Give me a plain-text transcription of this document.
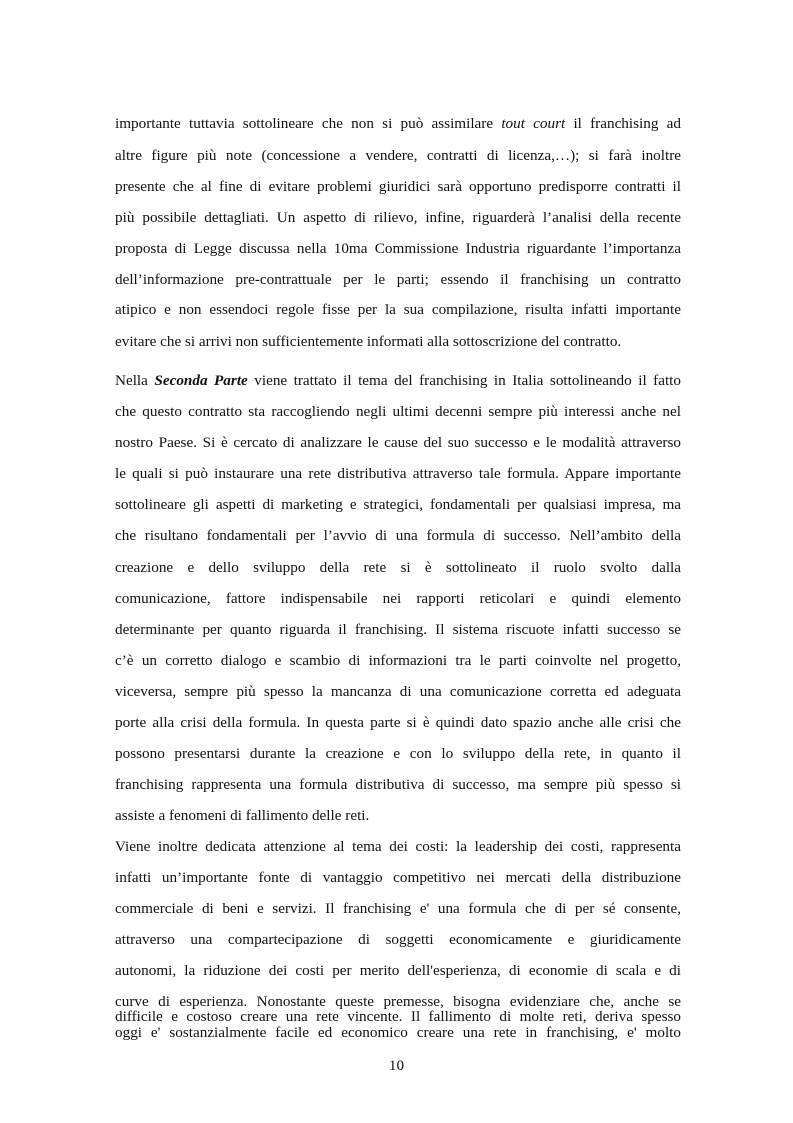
importante tuttavia sottolineare che non si può assimilare tout court il franchising ad
altre figure più note (concessione a vendere, contratti di licenza,…); si farà inoltre
presente che al fine di evitare problemi giuridici sarà opportuno predisporre contratti il
più possibile dettagliati. Un aspetto di rilievo, infine, riguarderà l’analisi della recente
proposta di Legge discussa nella 10ma Commissione Industria riguardante l’importanza
dell’informazione pre-contrattuale per le parti; essendo il franchising un contratto
atipico e non essendoci regole fisse per la sua compilazione, risulta infatti importante
evitare che si arrivi non sufficientemente informati alla sottoscrizione del contratto.
Nella Seconda Parte viene trattato il tema del franchising in Italia sottolineando il fatto
che questo contratto sta raccogliendo negli ultimi decenni sempre più interessi anche nel
nostro Paese. Si è cercato di analizzare le cause del suo successo e le modalità attraverso
le quali si può instaurare una rete distributiva attraverso tale formula. Appare importante
sottolineare gli aspetti di marketing e strategici, fondamentali per qualsiasi impresa, ma
che risultano fondamentali per l’avvio di una formula di successo. Nell’ambito della
creazione e dello sviluppo della rete si è sottolineato il ruolo svolto dalla
comunicazione, fattore indispensabile nei rapporti reticolari e quindi elemento
determinante per quanto riguarda il franchising. Il sistema riscuote infatti successo se
c’è un corretto dialogo e scambio di informazioni tra le parti coinvolte nel progetto,
viceversa, sempre più spesso la mancanza di una comunicazione corretta ed adeguata
porte alla crisi della formula. In questa parte si è quindi dato spazio anche alle crisi che
possono presentarsi durante la creazione e con lo sviluppo della rete, in quanto il
franchising rappresenta una formula distributiva di successo, ma sempre più spesso si
assiste a fenomeni di fallimento delle reti.
Viene inoltre dedicata attenzione al tema dei costi: la leadership dei costi, rappresenta
infatti un’importante fonte di vantaggio competitivo nei mercati della distribuzione
commerciale di beni e servizi. Il franchising e' una formula che di per sé consente,
attraverso una compartecipazione di soggetti economicamente e giuridicamente
autonomi, la riduzione dei costi per merito dell'esperienza, di economie di scala e di
curve di esperienza. Nonostante queste premesse, bisogna evidenziare che, anche se
oggi e' sostanzialmente facile ed economico creare una rete in franchising, e' molto
difficile e costoso creare una rete vincente. Il fallimento di molte reti, deriva spesso
10
